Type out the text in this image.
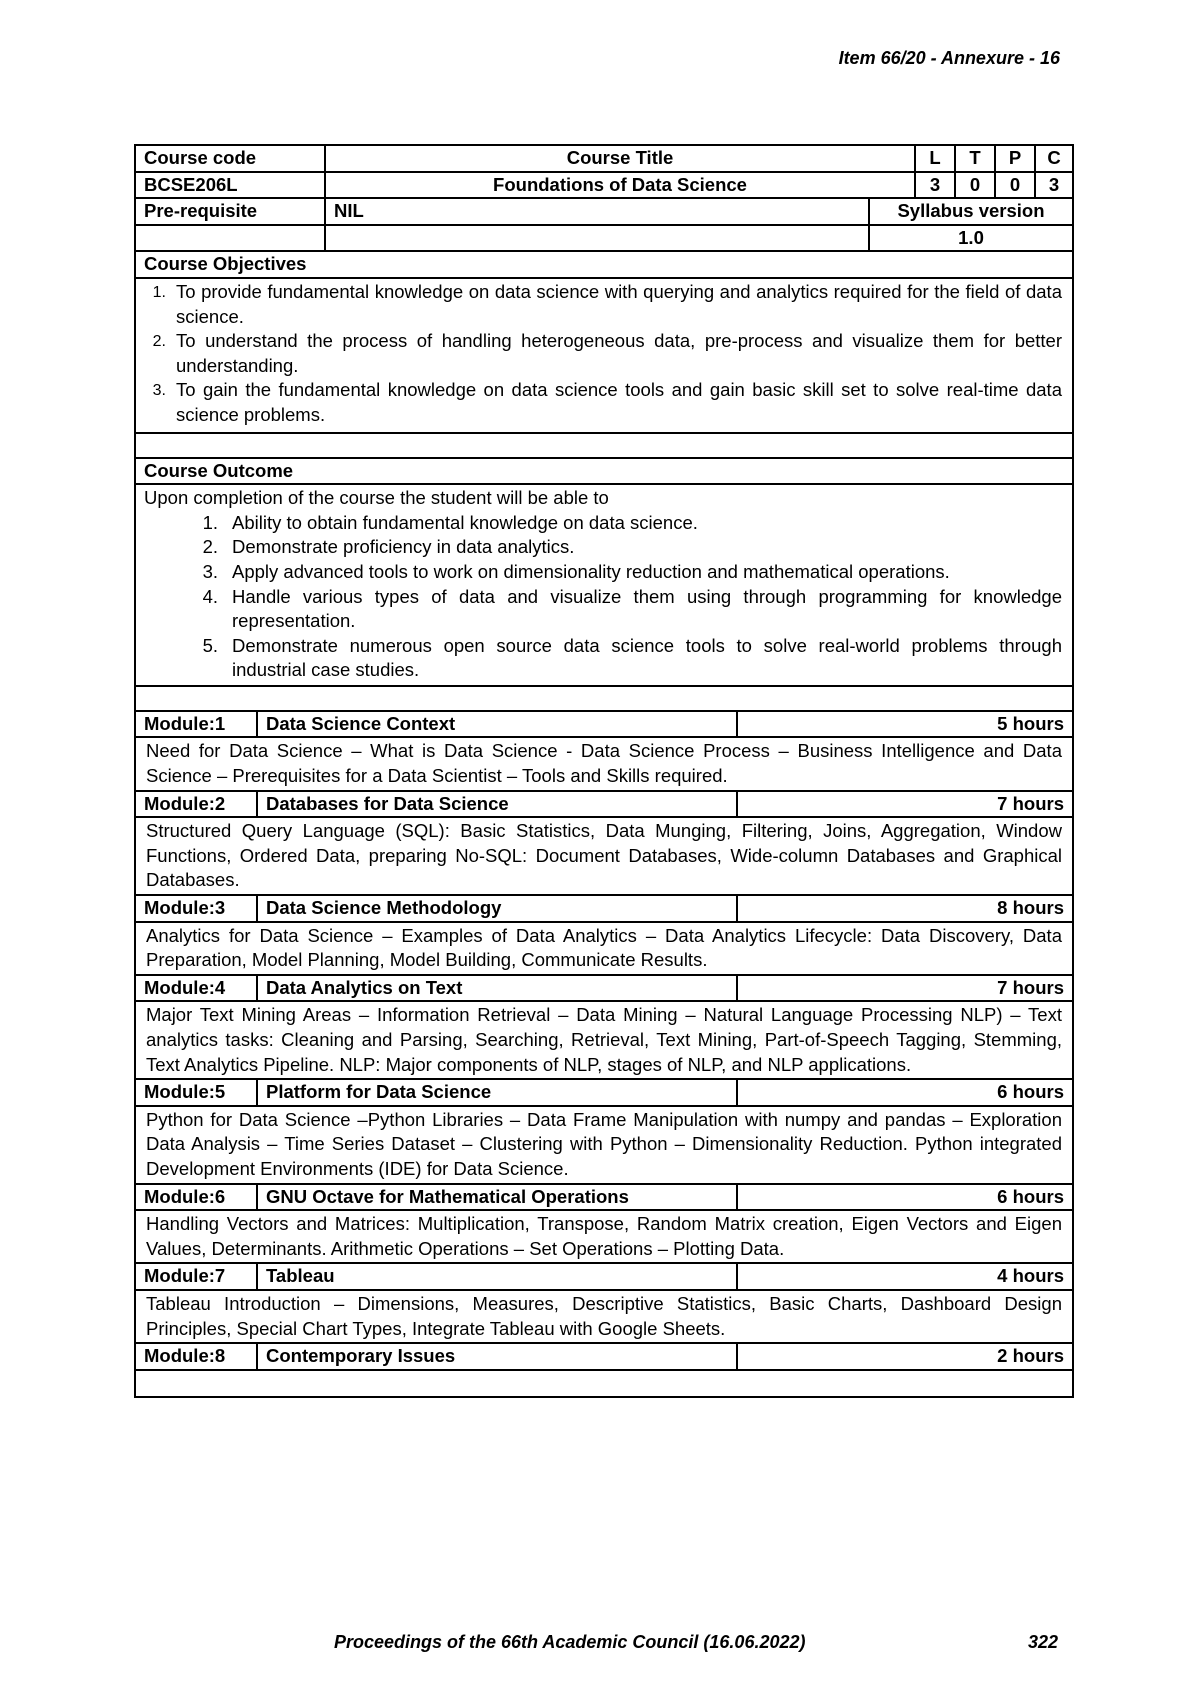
Item 66/20 - Annexure - 16
Course code	Course Title	L	T	P	C
BCSE206L	Foundations of Data Science	3	0	0	3
Pre-requisite	NIL	Syllabus version
1.0
Course Objectives
1. To provide fundamental knowledge on data science with querying and analytics required for the field of data science.
2. To understand the process of handling heterogeneous data, pre-process and visualize them for better understanding.
3. To gain the fundamental knowledge on data science tools and gain basic skill set to solve real-time data science problems.
Course Outcome
Upon completion of the course the student will be able to
1. Ability to obtain fundamental knowledge on data science.
2. Demonstrate proficiency in data analytics.
3. Apply advanced tools to work on dimensionality reduction and mathematical operations.
4. Handle various types of data and visualize them using through programming for knowledge representation.
5. Demonstrate numerous open source data science tools to solve real-world problems through industrial case studies.
Module:1	Data Science Context	5 hours
Need for Data Science – What is Data Science - Data Science Process – Business Intelligence and Data Science – Prerequisites for a Data Scientist – Tools and Skills required.
Module:2	Databases for Data Science	7 hours
Structured Query Language (SQL): Basic Statistics, Data Munging, Filtering, Joins, Aggregation, Window Functions, Ordered Data, preparing No-SQL: Document Databases, Wide-column Databases and Graphical Databases.
Module:3	Data Science Methodology	8 hours
Analytics for Data Science – Examples of Data Analytics – Data Analytics Lifecycle: Data Discovery, Data Preparation, Model Planning, Model Building, Communicate Results.
Module:4	Data Analytics on Text	7 hours
Major Text Mining Areas – Information Retrieval – Data Mining – Natural Language Processing NLP) – Text analytics tasks: Cleaning and Parsing, Searching, Retrieval, Text Mining, Part-of-Speech Tagging, Stemming, Text Analytics Pipeline. NLP: Major components of NLP, stages of NLP, and NLP applications.
Module:5	Platform for Data Science	6 hours
Python for Data Science –Python Libraries – Data Frame Manipulation with numpy and pandas – Exploration Data Analysis – Time Series Dataset – Clustering with Python – Dimensionality Reduction. Python integrated Development Environments (IDE) for Data Science.
Module:6	GNU Octave for Mathematical Operations	6 hours
Handling Vectors and Matrices: Multiplication, Transpose, Random Matrix creation, Eigen Vectors and Eigen Values, Determinants. Arithmetic Operations – Set Operations – Plotting Data.
Module:7	Tableau	4 hours
Tableau Introduction – Dimensions, Measures, Descriptive Statistics, Basic Charts, Dashboard Design Principles, Special Chart Types, Integrate Tableau with Google Sheets.
Module:8	Contemporary Issues	2 hours
Proceedings of the 66th Academic Council (16.06.2022)	322
